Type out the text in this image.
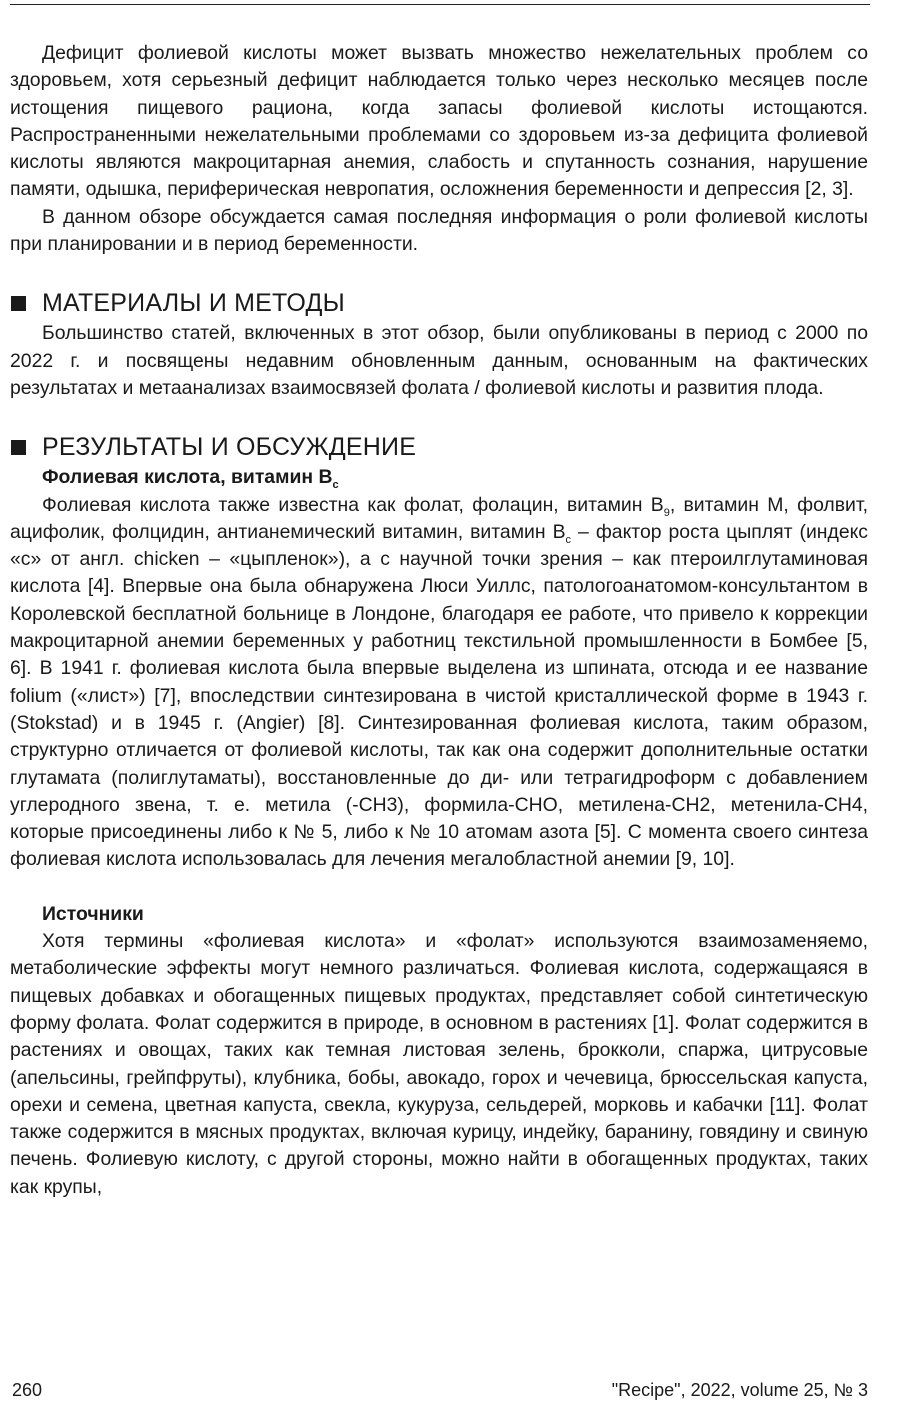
Дефицит фолиевой кислоты может вызвать множество нежелательных проблем со здоровьем, хотя серьезный дефицит наблюдается только через несколько месяцев после истощения пищевого рациона, когда запасы фолиевой кислоты истощаются. Распространенными нежелательными проблемами со здоровьем из-за дефицита фолиевой кислоты являются макроцитарная анемия, слабость и спутанность сознания, нарушение памяти, одышка, периферическая невропатия, осложнения беременности и депрессия [2, 3].

В данном обзоре обсуждается самая последняя информация о роли фолиевой кислоты при планировании и в период беременности.

МАТЕРИАЛЫ И МЕТОДЫ

Большинство статей, включенных в этот обзор, были опубликованы в период с 2000 по 2022 г. и посвящены недавним обновленным данным, основанным на фактических результатах и метаанализах взаимосвязей фолата / фолиевой кислоты и развития плода.

РЕЗУЛЬТАТЫ И ОБСУЖДЕНИЕ
Фолиевая кислота, витамин $B_c$

Фолиевая кислота также известна как фолат, фолацин, витамин $B_9$, витамин М, фолвит, ацифолик, фолцидин, антианемический витамин, витамин $B_c$ – фактор роста цыплят (индекс «с» от англ. chicken – «цыпленок»), а с научной точки зрения – как птероилглутаминовая кислота [4]. Впервые она была обнаружена Люси Уиллс, патологоанатомом-консультантом в Королевской бесплатной больнице в Лондоне, благодаря ее работе, что привело к коррекции макроцитарной анемии беременных у работниц текстильной промышленности в Бомбее [5, 6]. В 1941 г. фолиевая кислота была впервые выделена из шпината, отсюда и ее название folium («лист») [7], впоследствии синтезирована в чистой кристаллической форме в 1943 г. (Stokstad) и в 1945 г. (Angier) [8]. Синтезированная фолиевая кислота, таким образом, структурно отличается от фолиевой кислоты, так как она содержит дополнительные остатки глутамата (полиглутаматы), восстановленные до ди- или тетрагидроформ с добавлением углеродного звена, т. е. метила (-CH3), формила-CHO, метилена-CH2, метенила-CH4, которые присоединены либо к № 5, либо к № 10 атомам азота [5]. С момента своего синтеза фолиевая кислота использовалась для лечения мегалобластной анемии [9, 10].

Источники

Хотя термины «фолиевая кислота» и «фолат» используются взаимозаменяемо, метаболические эффекты могут немного различаться. Фолиевая кислота, содержащаяся в пищевых добавках и обогащенных пищевых продуктах, представляет собой синтетическую форму фолата. Фолат содержится в природе, в основном в растениях [1]. Фолат содержится в растениях и овощах, таких как темная листовая зелень, брокколи, спаржа, цитрусовые (апельсины, грейпфруты), клубника, бобы, авокадо, горох и чечевица, брюссельская капуста, орехи и семена, цветная капуста, свекла, кукуруза, сельдерей, морковь и кабачки [11]. Фолат также содержится в мясных продуктах, включая курицу, индейку, баранину, говядину и свиную печень. Фолиевую кислоту, с другой стороны, можно найти в обогащенных продуктах, таких как крупы,

260	"Recipe", 2022, volume 25, № 3
